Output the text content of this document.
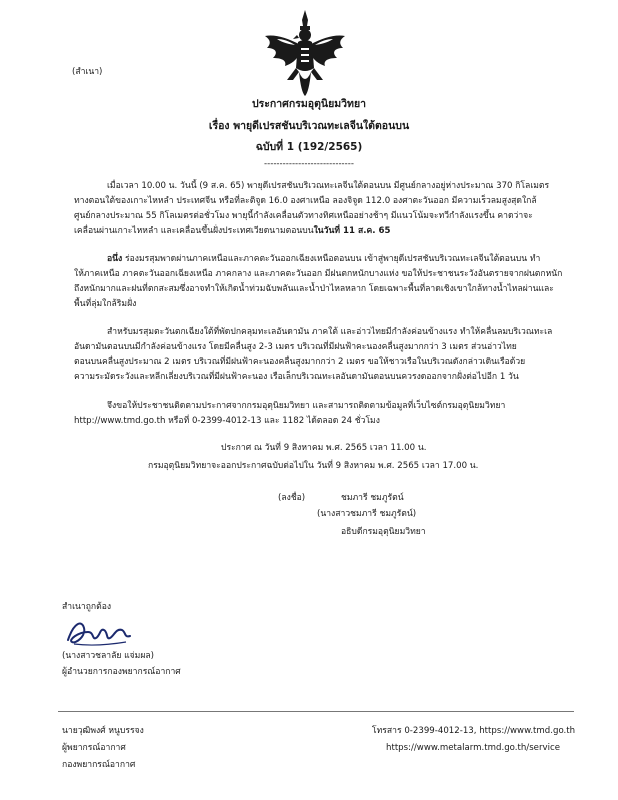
(สำเนา)
ประกาศกรมอุตุนิยมวิทยา
เรื่อง พายุดีเปรสชันบริเวณทะเลจีนใต้ตอนบน
ฉบับที่ 1 (192/2565)
-----------------------------
เมื่อเวลา 10.00 น. วันนี้ (9 ส.ค. 65) พายุดีเปรสชันบริเวณทะเลจีนใต้ตอนบน มีศูนย์กลางอยู่ห่างประมาณ 370 กิโลเมตร
ทางตอนใต้ของเกาะไหหลำ ประเทศจีน หรือที่ละติจูด 16.0 องศาเหนือ ลองจิจูด 112.0 องศาตะวันออก มีความเร็วลมสูงสุดใกล้
ศูนย์กลางประมาณ 55 กิโลเมตรต่อชั่วโมง พายุนี้กำลังเคลื่อนตัวทางทิศเหนืออย่างช้าๆ มีแนวโน้มจะทวีกำลังแรงขึ้น คาดว่าจะ
เคลื่อนผ่านเกาะไหหลำ และเคลื่อนขึ้นฝั่งประเทศเวียดนามตอนบนในวันที่ 11 ส.ค. 65
อนึ่ง ร่องมรสุมพาดผ่านภาคเหนือและภาคตะวันออกเฉียงเหนือตอนบน เข้าสู่พายุดีเปรสชันบริเวณทะเลจีนใต้ตอนบน ทำ
ให้ภาคเหนือ ภาคตะวันออกเฉียงเหนือ ภาคกลาง และภาคตะวันออก มีฝนตกหนักบางแห่ง ขอให้ประชาชนระวังอันตรายจากฝนตกหนัก
ถึงหนักมากและฝนที่ตกสะสมซึ่งอาจทำให้เกิดน้ำท่วมฉับพลันและน้ำป่าไหลหลาก โดยเฉพาะพื้นที่ลาดเชิงเขาใกล้ทางน้ำไหลผ่านและ
พื้นที่ลุ่มใกล้ริมฝั่ง
สำหรับมรสุมตะวันตกเฉียงใต้ที่พัดปกคลุมทะเลอันดามัน ภาคใต้ และอ่าวไทยมีกำลังค่อนข้างแรง ทำให้คลื่นลมบริเวณทะเล
อันดามันตอนบนมีกำลังค่อนข้างแรง โดยมีคลื่นสูง 2-3 เมตร บริเวณที่มีฝนฟ้าคะนองคลื่นสูงมากกว่า 3 เมตร ส่วนอ่าวไทย
ตอนบนคลื่นสูงประมาณ 2 เมตร บริเวณที่มีฝนฟ้าคะนองคลื่นสูงมากกว่า 2 เมตร ขอให้ชาวเรือในบริเวณดังกล่าวเดินเรือด้วย
ความระมัดระวังและหลีกเลี่ยงบริเวณที่มีฝนฟ้าคะนอง เรือเล็กบริเวณทะเลอันดามันตอนบนควรงดออกจากฝั่งต่อไปอีก 1 วัน
จึงขอให้ประชาชนติดตามประกาศจากกรมอุตุนิยมวิทยา และสามารถติดตามข้อมูลที่เว็บไซต์กรมอุตุนิยมวิทยา
http://www.tmd.go.th หรือที่ 0-2399-4012-13 และ 1182 ได้ตลอด 24 ชั่วโมง
ประกาศ ณ วันที่ 9 สิงหาคม พ.ศ. 2565 เวลา 11.00 น.
กรมอุตุนิยมวิทยาจะออกประกาศฉบับต่อไปใน วันที่ 9 สิงหาคม พ.ศ. 2565 เวลา 17.00 น.
(ลงชื่อ)	ชมภารี ชมภูรัตน์
(นางสาวชมภารี ชมภูรัตน์)
อธิบดีกรมอุตุนิยมวิทยา
สำเนาถูกต้อง
(นางสาวชลาลัย แจ่มผล)
ผู้อำนวยการกองพยากรณ์อากาศ
นายวุฒิพงศ์ หนูบรรจง
ผู้พยากรณ์อากาศ
กองพยากรณ์อากาศ
โทรสาร 0-2399-4012-13, https://www.tmd.go.th
https://www.metalarm.tmd.go.th/service
